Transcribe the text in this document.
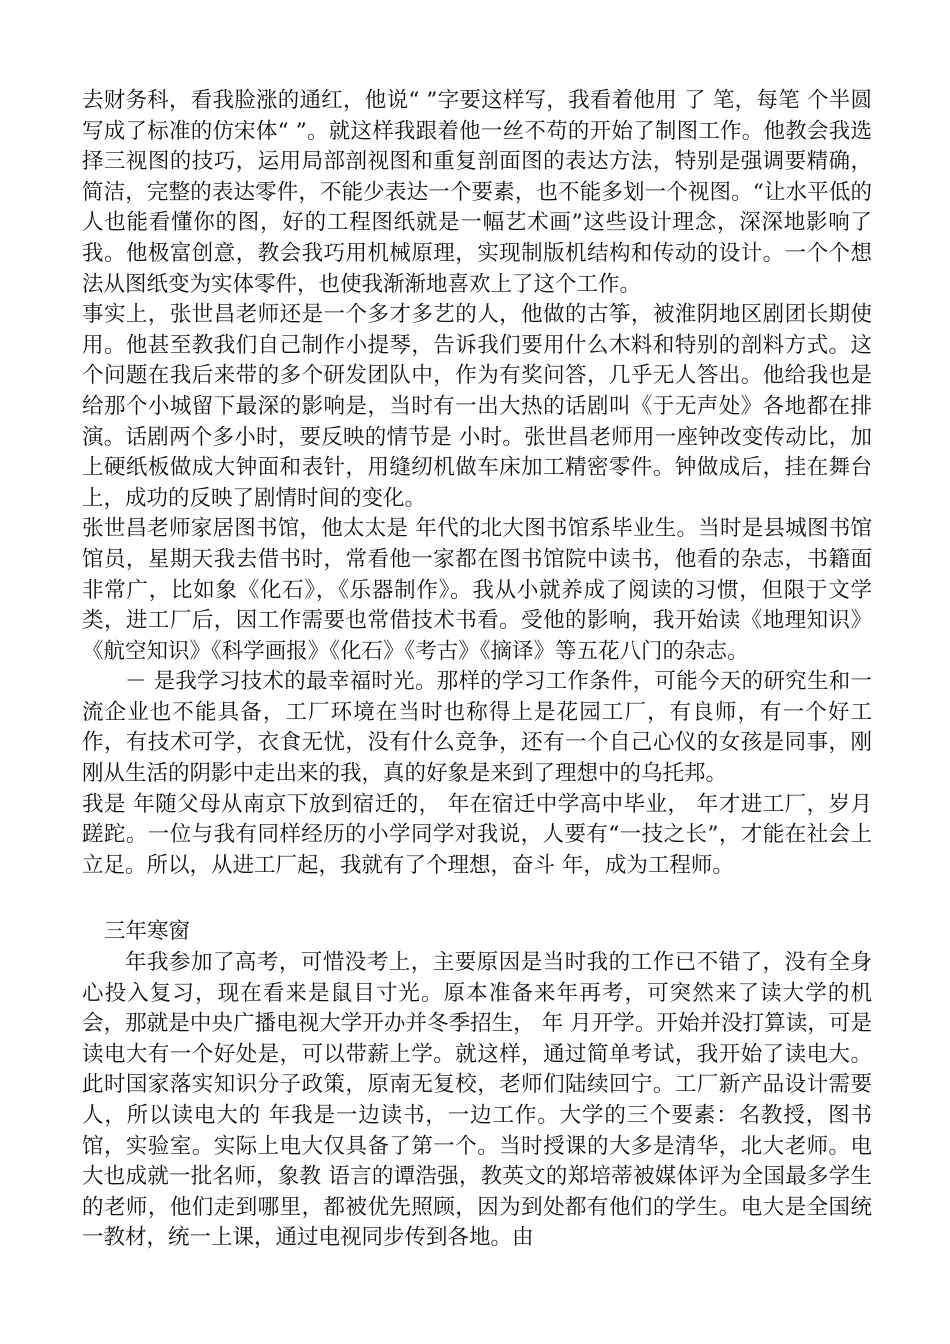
去财务科，看我脸涨的通红，他说“ ”字要这样写，我看着他用 了 笔，每笔 个半圆写成了标准的仿宋体“ ”。就这样我跟着他一丝不苟的开始了制图工作。他教会我选择三视图的技巧，运用局部剖视图和重复剖面图的表达方法，特别是强调要精确，简洁，完整的表达零件，不能少表达一个要素，也不能多划一个视图。“让水平低的人也能看懂你的图，好的工程图纸就是一幅艺术画”这些设计理念，深深地影响了我。他极富创意，教会我巧用机械原理，实现制版机结构和传动的设计。一个个想法从图纸变为实体零件，也使我渐渐地喜欢上了这个工作。

事实上，张世昌老师还是一个多才多艺的人，他做的古筝，被淮阴地区剧团长期使用。他甚至教我们自己制作小提琴，告诉我们要用什么木料和特别的剖料方式。这个问题在我后来带的多个研发团队中，作为有奖问答，几乎无人答出。他给我也是给那个小城留下最深的影响是，当时有一出大热的话剧叫《于无声处》各地都在排演。话剧两个多小时，要反映的情节是 小时。张世昌老师用一座钟改变传动比，加上硬纸板做成大钟面和表针，用缝纫机做车床加工精密零件。钟做成后，挂在舞台上，成功的反映了剧情时间的变化。

张世昌老师家居图书馆，他太太是 年代的北大图书馆系毕业生。当时是县城图书馆馆员，星期天我去借书时，常看他一家都在图书馆院中读书，他看的杂志，书籍面非常广，比如象《化石》，《乐器制作》。我从小就养成了阅读的习惯，但限于文学类，进工厂后，因工作需要也常借技术书看。受他的影响，我开始读《地理知识》《航空知识》《科学画报》《化石》《考古》《摘译》等五花八门的杂志。

－ 是我学习技术的最幸福时光。那样的学习工作条件，可能今天的研究生和一流企业也不能具备，工厂环境在当时也称得上是花园工厂，有良师，有一个好工作，有技术可学，衣食无忧，没有什么竞争，还有一个自己心仪的女孩是同事，刚刚从生活的阴影中走出来的我，真的好象是来到了理想中的乌托邦。

我是 年随父母从南京下放到宿迁的， 年在宿迁中学高中毕业， 年才进工厂，岁月蹉跎。一位与我有同样经历的小学同学对我说，人要有“一技之长”，才能在社会上立足。所以，从进工厂起，我就有了个理想，奋斗 年，成为工程师。

三年寒窗

年我参加了高考，可惜没考上，主要原因是当时我的工作已不错了，没有全身心投入复习，现在看来是鼠目寸光。原本准备来年再考，可突然来了读大学的机会，那就是中央广播电视大学开办并冬季招生， 年 月开学。开始并没打算读，可是读电大有一个好处是，可以带薪上学。就这样，通过简单考试，我开始了读电大。此时国家落实知识分子政策，原南无复校，老师们陆续回宁。工厂新产品设计需要人，所以读电大的 年我是一边读书，一边工作。大学的三个要素：名教授，图书馆，实验室。实际上电大仅具备了第一个。当时授课的大多是清华，北大老师。电大也成就一批名师，象教 语言的谭浩强，教英文的郑培蒂被媒体评为全国最多学生的老师，他们走到哪里，都被优先照顾，因为到处都有他们的学生。电大是全国统一教材，统一上课，通过电视同步传到各地。由
